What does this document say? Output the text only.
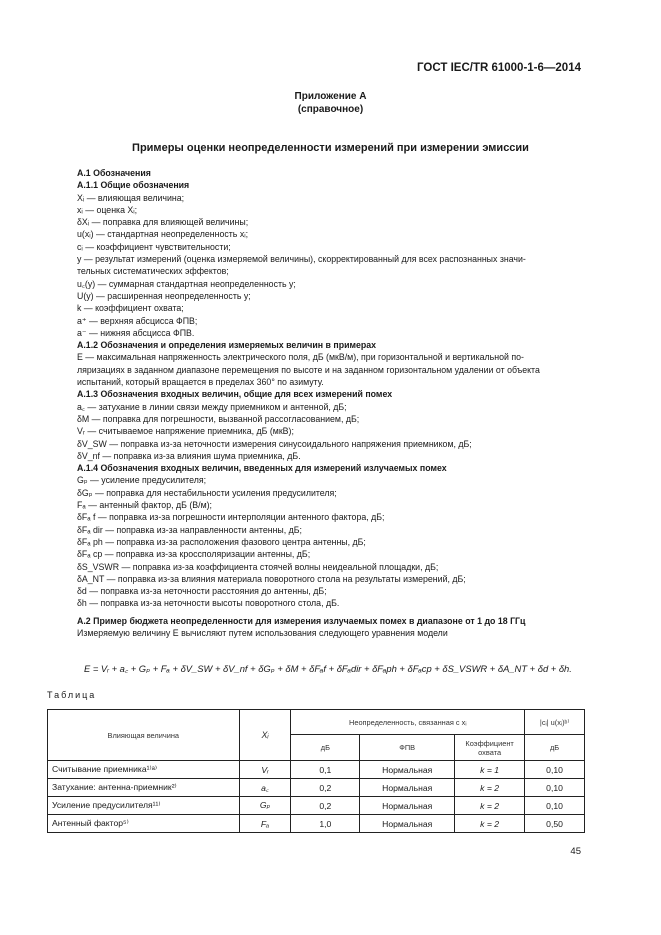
ГОСТ IEC/TR 61000-1-6—2014
Приложение А
(справочное)
Примеры оценки неопределенности измерений при измерении эмиссии
А.1 Обозначения
А.1.1 Общие обозначения
Xᵢ — влияющая величина;
xᵢ — оценка Xᵢ;
δXᵢ — поправка для влияющей величины;
u(xᵢ) — стандартная неопределенность xᵢ;
cᵢ — коэффициент чувствительности;
y — результат измерений (оценка измеряемой величины), скорректированный для всех распознанных значи-
тельных систематических эффектов;
u꜀(y) — суммарная стандартная неопределенность y;
U(y) — расширенная неопределенность y;
k — коэффициент охвата;
a⁺ — верхняя абсцисса ФПВ;
a⁻ — нижняя абсцисса ФПВ.
А.1.2 Обозначения и определения измеряемых величин в примерах
E — максимальная напряженность электрического поля, дБ (мкВ/м), при горизонтальной и вертикальной по-
ляризациях в заданном диапазоне перемещения по высоте и на заданном горизонтальном удалении от объекта
испытаний, который вращается в пределах 360° по азимуту.
А.1.3 Обозначения входных величин, общие для всех измерений помех
a꜀ — затухание в линии связи между приемником и антенной, дБ;
δM — поправка для погрешности, вызванной рассогласованием, дБ;
Vᵣ — считываемое напряжение приемника, дБ (мкВ);
δV_SW — поправка из-за неточности измерения синусоидального напряжения приемником, дБ;
δV_nf — поправка из-за влияния шума приемника, дБ.
А.1.4 Обозначения входных величин, введенных для измерений излучаемых помех
Gₚ — усиление предусилителя;
δGₚ — поправка для нестабильности усиления предусилителя;
Fₐ — антенный фактор, дБ (В/м);
δFₐ f — поправка из-за погрешности интерполяции антенного фактора, дБ;
δFₐ dir — поправка из-за направленности антенны, дБ;
δFₐ ph — поправка из-за расположения фазового центра антенны, дБ;
δFₐ cp — поправка из-за кроссполяризации антенны, дБ;
δS_VSWR — поправка из-за коэффициента стоячей волны неидеальной площадки, дБ;
δA_NT — поправка из-за влияния материала поворотного стола на результаты измерений, дБ;
δd — поправка из-за неточности расстояния до антенны, дБ;
δh — поправка из-за неточности высоты поворотного стола, дБ.
А.2 Пример бюджета неопределенности для измерения излучаемых помех в диапазоне от 1 до 18 ГГц
Измеряемую величину E вычисляют путем использования следующего уравнения модели
E = Vᵣ + a꜀ + Gₚ + Fₐ + δV_SW + δV_nf + δGₚ + δM + δFₐf + δFₐdir + δFₐph + δFₐcp + δS_VSWR + δA_NT + δd + δh.
Таблица
Влияющая величина	Xᵢ	Неопределенность, связанная с xᵢ			|cᵢ| u(xᵢ)ᵇ⁾
		дБ	ФПВ	Коэффициент охвата	дБ
Считывание приемника¹⁾ᵃ⁾	Vᵣ	0,1	Нормальная	k = 1	0,10
Затухание: антенна-приемник²⁾	a꜀	0,2	Нормальная	k = 2	0,10
Усиление предусилителя¹¹⁾	Gₚ	0,2	Нормальная	k = 2	0,10
Антенный фактор⁵⁾	Fₐ	1,0	Нормальная	k = 2	0,50
45
